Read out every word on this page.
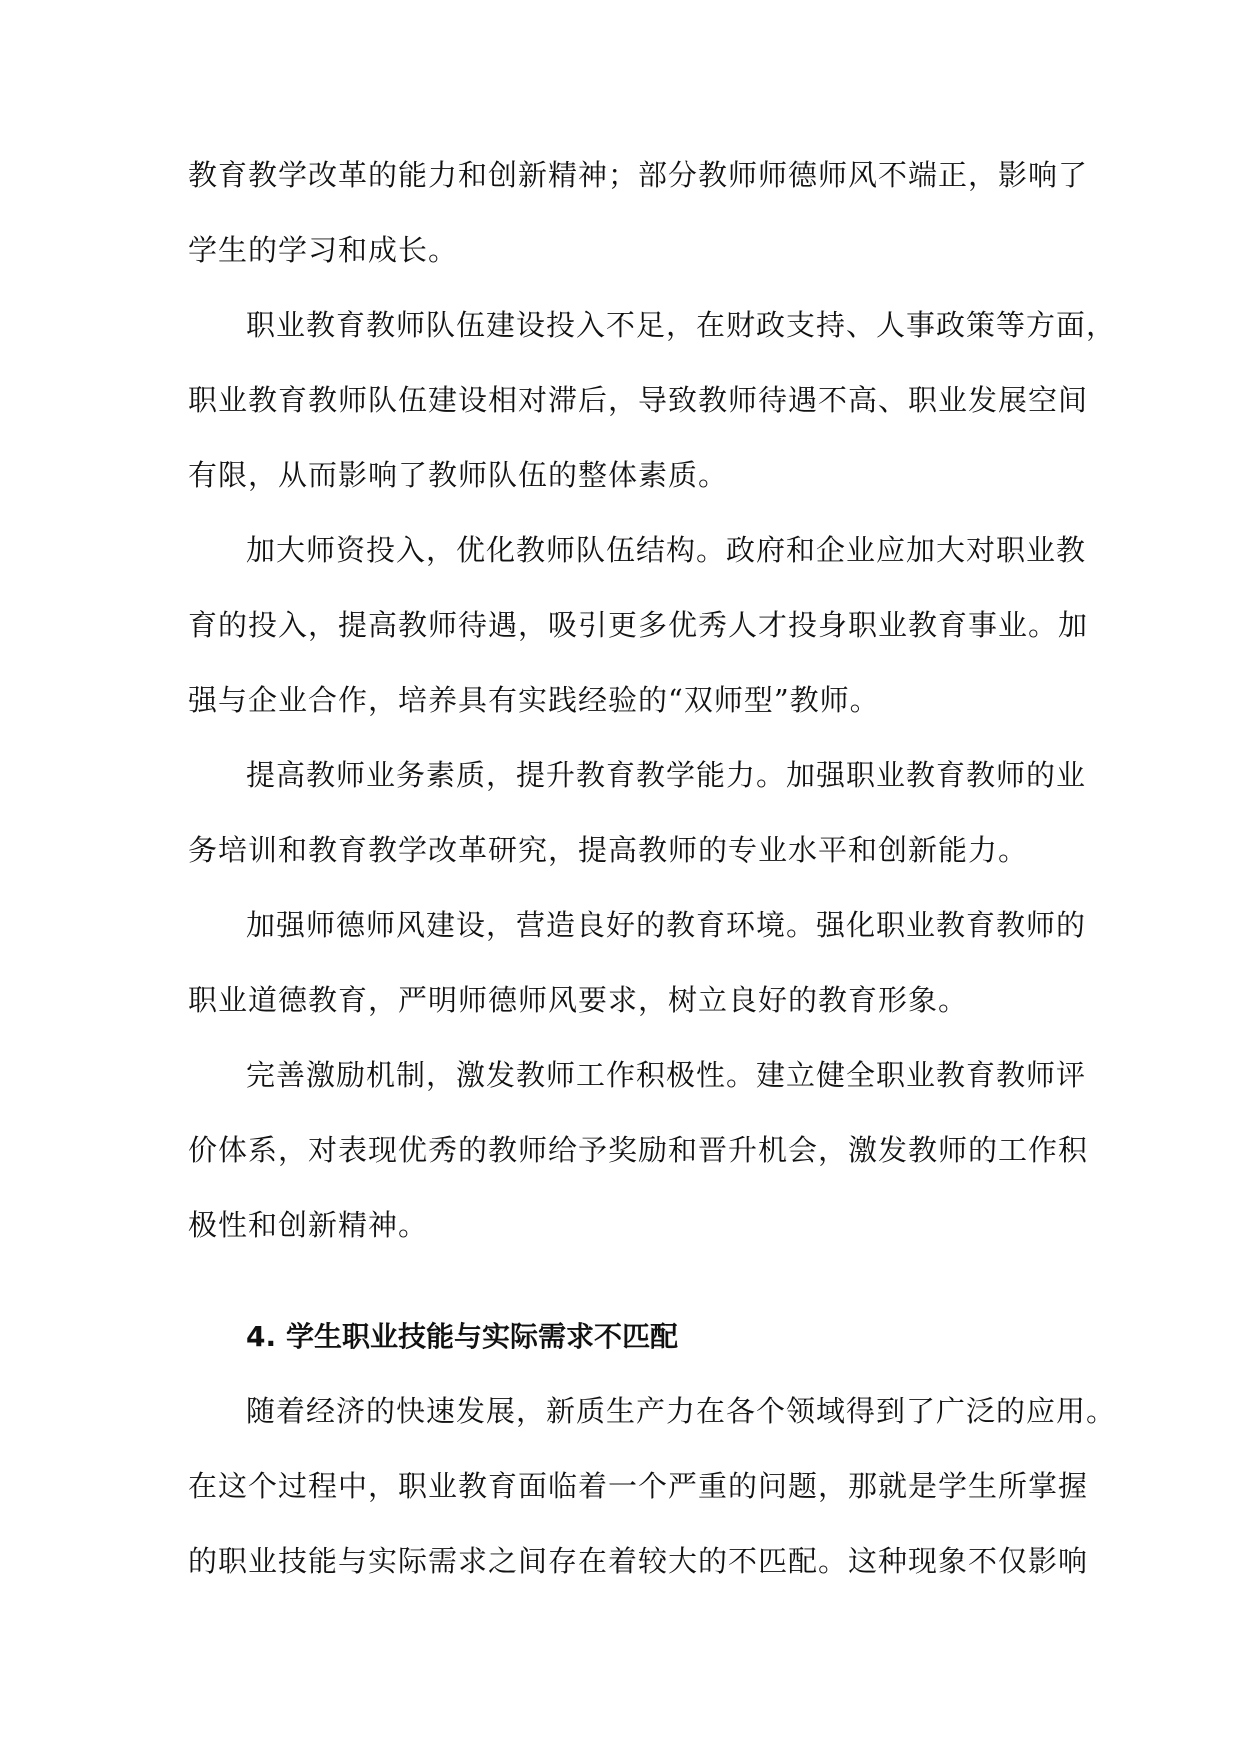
教育教学改革的能力和创新精神；部分教师师德师风不端正，影响了
学生的学习和成长。
职业教育教师队伍建设投入不足，在财政支持、人事政策等方面，
职业教育教师队伍建设相对滞后，导致教师待遇不高、职业发展空间
有限，从而影响了教师队伍的整体素质。
加大师资投入，优化教师队伍结构。政府和企业应加大对职业教
育的投入，提高教师待遇，吸引更多优秀人才投身职业教育事业。加
强与企业合作，培养具有实践经验的“双师型”教师。
提高教师业务素质，提升教育教学能力。加强职业教育教师的业
务培训和教育教学改革研究，提高教师的专业水平和创新能力。
加强师德师风建设，营造良好的教育环境。强化职业教育教师的
职业道德教育，严明师德师风要求，树立良好的教育形象。
完善激励机制，激发教师工作积极性。建立健全职业教育教师评
价体系，对表现优秀的教师给予奖励和晋升机会，激发教师的工作积
极性和创新精神。
4. 学生职业技能与实际需求不匹配
随着经济的快速发展，新质生产力在各个领域得到了广泛的应用。
在这个过程中，职业教育面临着一个严重的问题，那就是学生所掌握
的职业技能与实际需求之间存在着较大的不匹配。这种现象不仅影响
